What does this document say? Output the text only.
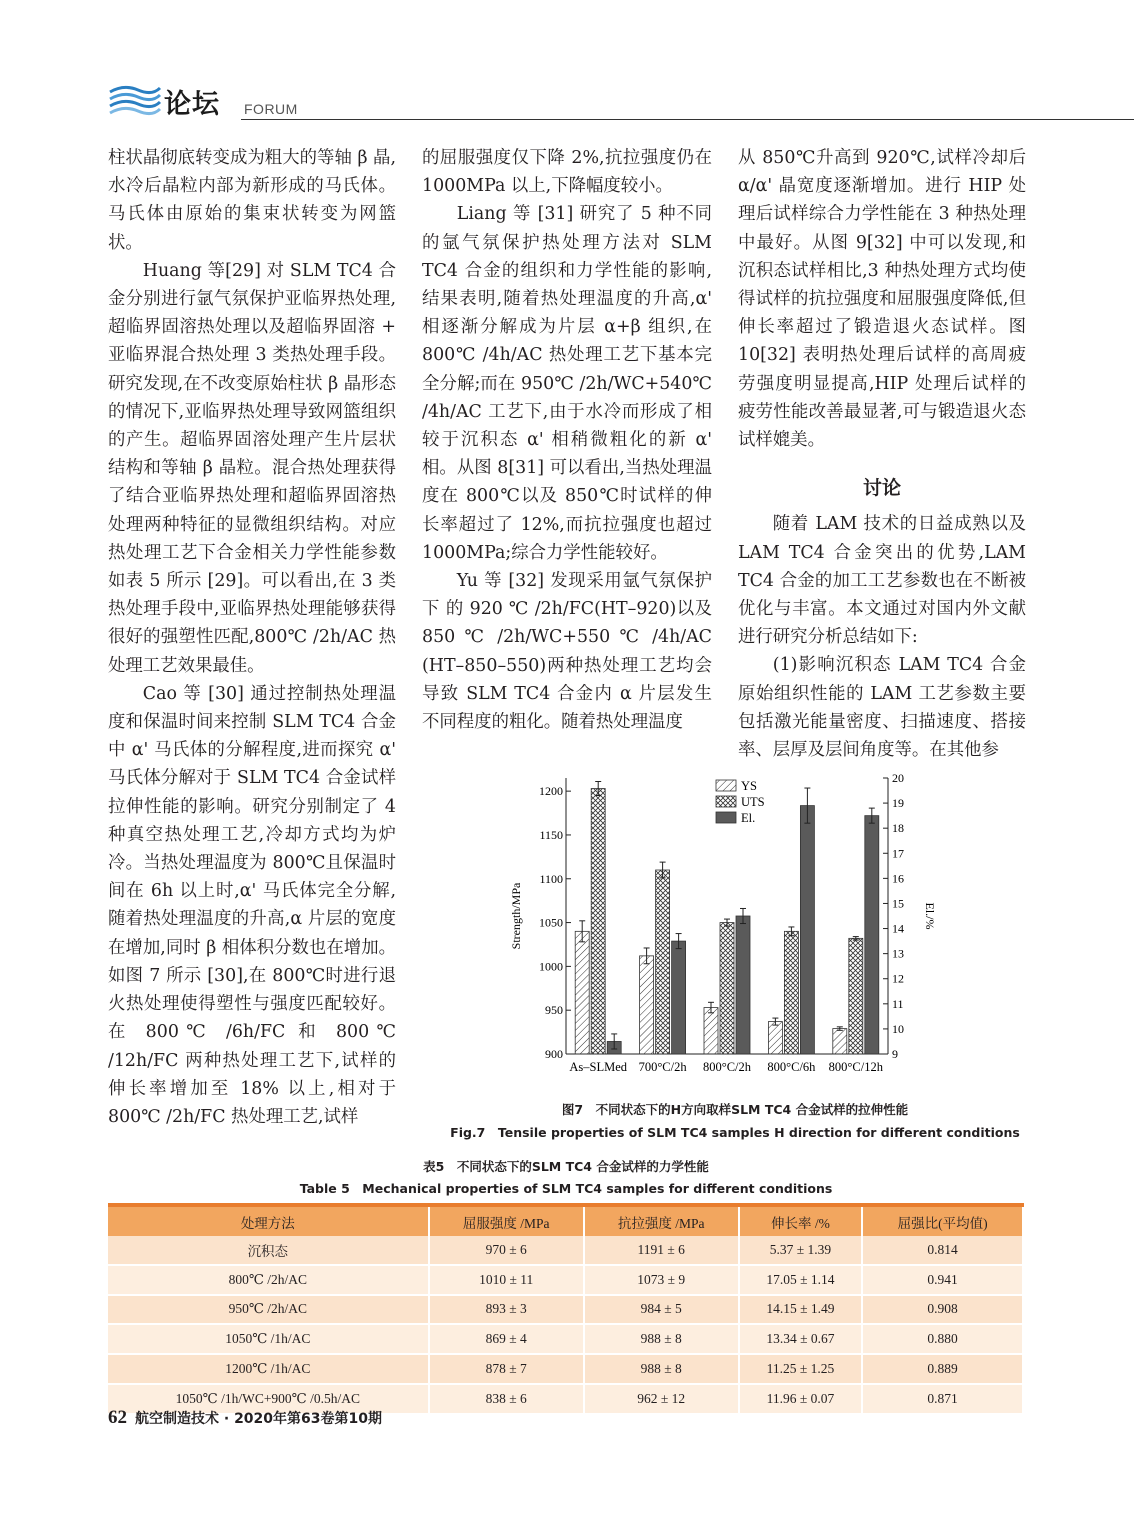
论坛 FORUM

柱状晶彻底转变成为粗大的等轴 β 晶,水冷后晶粒内部为新形成的马氏体。马氏体由原始的集束状转变为网篮状。

Huang 等[29] 对 SLM TC4 合金分别进行氩气氛保护亚临界热处理,超临界固溶热处理以及超临界固溶 + 亚临界混合热处理 3 类热处理手段。研究发现,在不改变原始柱状 β 晶形态的情况下,亚临界热处理导致网篮组织的产生。超临界固溶处理产生片层状结构和等轴 β 晶粒。混合热处理获得了结合亚临界热处理和超临界固溶热处理两种特征的显微组织结构。对应热处理工艺下合金相关力学性能参数如表 5 所示 [29]。可以看出,在 3 类热处理手段中,亚临界热处理能够获得很好的强塑性匹配,800℃ /2h/AC 热处理工艺效果最佳。

Cao 等 [30] 通过控制热处理温度和保温时间来控制 SLM TC4 合金中 α' 马氏体的分解程度,进而探究 α' 马氏体分解对于 SLM TC4 合金试样拉伸性能的影响。研究分别制定了 4 种真空热处理工艺,冷却方式均为炉冷。当热处理温度为 800℃且保温时间在 6h 以上时,α' 马氏体完全分解,随着热处理温度的升高,α 片层的宽度在增加,同时 β 相体积分数也在增加。如图 7 所示 [30],在 800℃时进行退火热处理使得塑性与强度匹配较好。在 800℃ /6h/FC 和 800℃ /12h/FC 两种热处理工艺下,试样的伸长率增加至 18% 以上,相对于 800℃ /2h/FC 热处理工艺,试样

的屈服强度仅下降 2%,抗拉强度仍在 1000MPa 以上,下降幅度较小。

Liang 等 [31] 研究了 5 种不同的氩气氛保护热处理方法对 SLM TC4 合金的组织和力学性能的影响,结果表明,随着热处理温度的升高,α' 相逐渐分解成为片层 α+β 组织,在 800℃ /4h/AC 热处理工艺下基本完全分解;而在 950℃ /2h/WC+540℃ /4h/AC 工艺下,由于水冷而形成了相较于沉积态 α' 相稍微粗化的新 α' 相。从图 8[31] 可以看出,当热处理温度在 800℃以及 850℃时试样的伸长率超过了 12%,而抗拉强度也超过 1000MPa;综合力学性能较好。

Yu 等 [32] 发现采用氩气氛保护下 的 920 ℃ /2h/FC(HT–920)以及 850 ℃ /2h/WC+550 ℃ /4h/AC (HT–850–550)两种热处理工艺均会导致 SLM TC4 合金内 α 片层发生不同程度的粗化。随着热处理温度

从 850℃升高到 920℃,试样冷却后 α/α' 晶宽度逐渐增加。进行 HIP 处理后试样综合力学性能在 3 种热处理中最好。从图 9[32] 中可以发现,和沉积态试样相比,3 种热处理方式均使得试样的抗拉强度和屈服强度降低,但伸长率超过了锻造退火态试样。图 10[32] 表明热处理后试样的高周疲劳强度明显提高,HIP 处理后试样的疲劳性能改善最显著,可与锻造退火态试样媲美。

讨论

随着 LAM 技术的日益成熟以及 LAM TC4 合金突出的优势,LAM TC4 合金的加工工艺参数也在不断被优化与丰富。本文通过对国内外文献进行研究分析总结如下:

(1)影响沉积态 LAM TC4 合金原始组织性能的 LAM 工艺参数主要包括激光能量密度、扫描速度、搭接率、层厚及层间角度等。在其他参

900
950
1000
1050
1100
1150
1200
9
10
11
12
13
14
15
16
17
18
19
20
Strength/MPa	El./%
As–SLMed 700°C/2h 800°C/2h 800°C/6h 800°C/12h
YS
UTS
El.
图7　不同状态下的H方向取样SLM TC4 合金试样的拉伸性能
Fig.7　Tensile properties of SLM TC4 samples H direction for different conditions
表5　不同状态下的SLM TC4 合金试样的力学性能
Table 5　Mechanical properties of SLM TC4 samples for different conditions
处理方法	屈服强度 /MPa	抗拉强度 /MPa	伸长率 /%	屈强比(平均值)
沉积态	970 ± 6	1191 ± 6	5.37 ± 1.39	0.814
800℃ /2h/AC	1010 ± 11	1073 ± 9	17.05 ± 1.14	0.941
950℃ /2h/AC	893 ± 3	984 ± 5	14.15 ± 1.49	0.908
1050℃ /1h/AC	869 ± 4	988 ± 8	13.34 ± 0.67	0.880
1200℃ /1h/AC	878 ± 7	988 ± 8	11.25 ± 1.25	0.889
1050℃ /1h/WC+900℃ /0.5h/AC	838 ± 6	962 ± 12	11.96 ± 0.07	0.871
62 航空制造技术 · 2020年第63卷第10期
